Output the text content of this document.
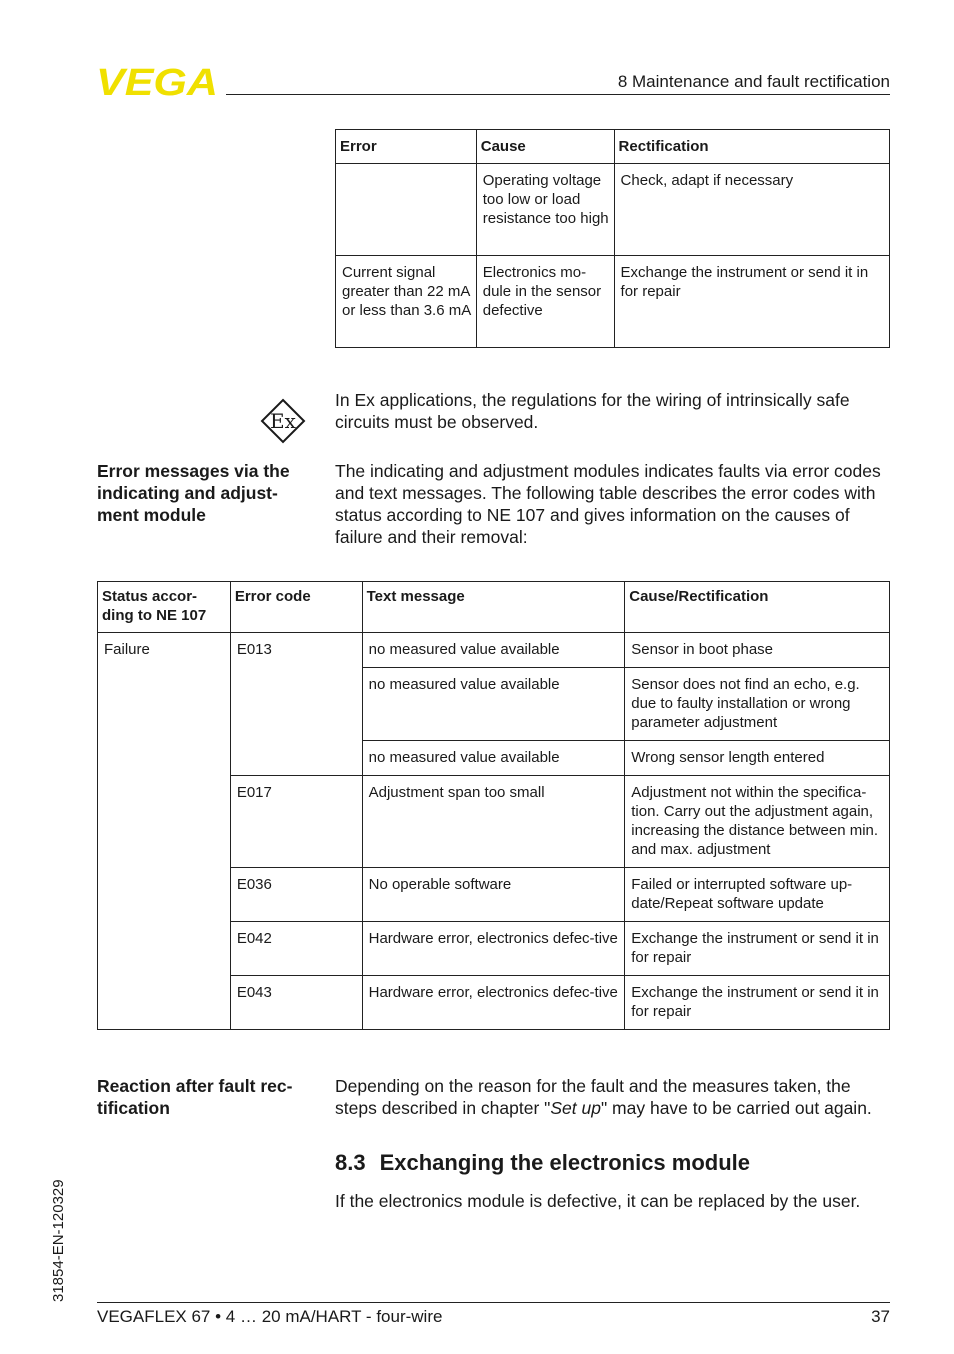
VEGA	8 Maintenance and fault rectification
Error	Cause	Rectification
	Operating voltage too low or load resistance too high	Check, adapt if necessary
Current signal greater than 22 mA or less than 3.6 mA	Electronics mo-dule in the sensor defective	Exchange the instrument or send it in for repair
Ex
In Ex applications, the regulations for the wiring of intrinsically safe circuits must be observed.
Error messages via the indicating and adjust-ment module
The indicating and adjustment modules indicates faults via error codes and text messages. The following table describes the error codes with status according to NE 107 and gives information on the causes of failure and their removal:
Status accor-ding to NE 107	Error code	Text message	Cause/Rectification
Failure	E013	no measured value available	Sensor in boot phase
		no measured value available	Sensor does not find an echo, e.g. due to faulty installation or wrong parameter adjustment
		no measured value available	Wrong sensor length entered
	E017	Adjustment span too small	Adjustment not within the specifica-tion. Carry out the adjustment again, increasing the distance between min. and max. adjustment
	E036	No operable software	Failed or interrupted software up-date/Repeat software update
	E042	Hardware error, electronics defec-tive	Exchange the instrument or send it in for repair
	E043	Hardware error, electronics defec-tive	Exchange the instrument or send it in for repair
Reaction after fault rec-tification
Depending on the reason for the fault and the measures taken, the steps described in chapter "Set up" may have to be carried out again.
8.3 Exchanging the electronics module
If the electronics module is defective, it can be replaced by the user.
31854-EN-120329
VEGAFLEX 67 • 4 … 20 mA/HART - four-wire	37
